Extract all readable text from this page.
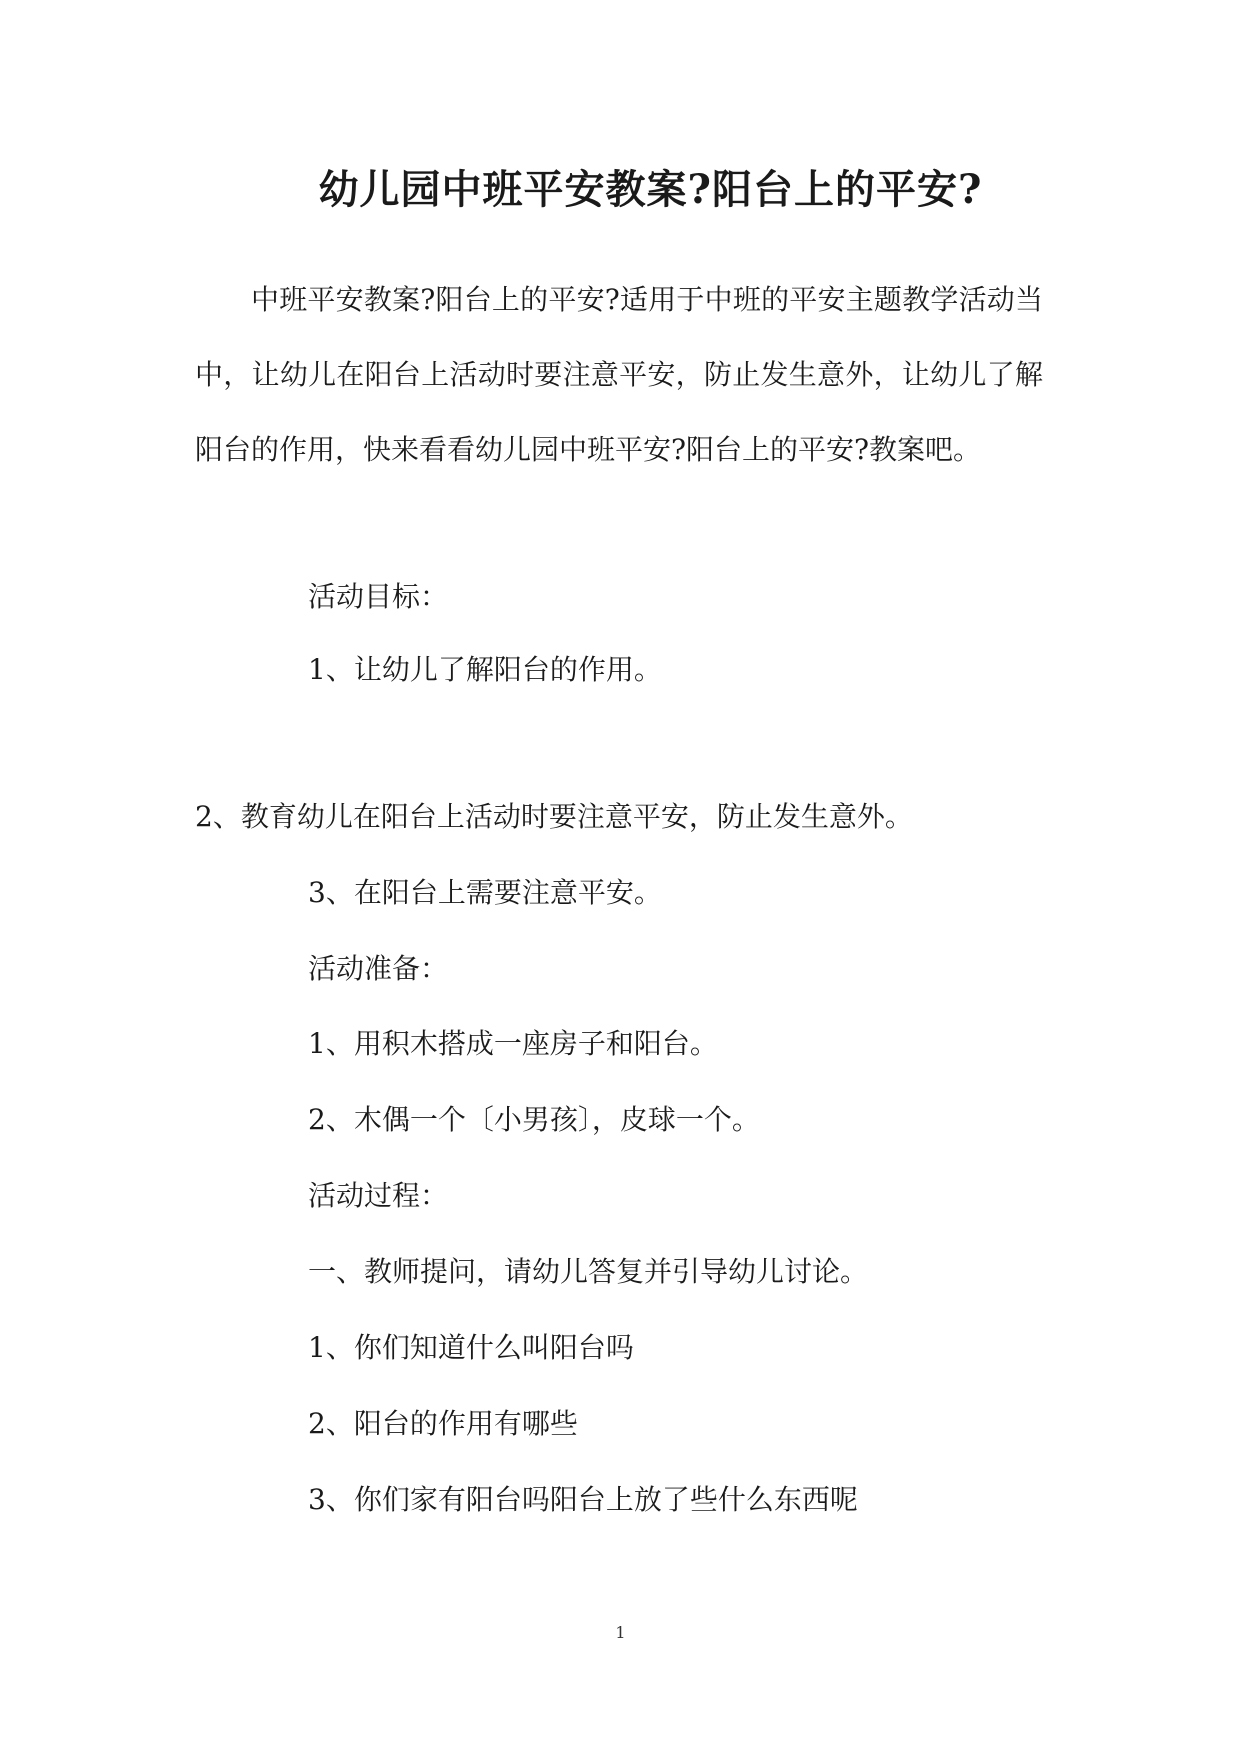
幼儿园中班平安教案?阳台上的平安?
中班平安教案?阳台上的平安?适用于中班的平安主题教学活动当中，让幼儿在阳台上活动时要注意平安，防止发生意外，让幼儿了解阳台的作用，快来看看幼儿园中班平安?阳台上的平安?教案吧。
活动目标：
1、让幼儿了解阳台的作用。
2、教育幼儿在阳台上活动时要注意平安，防止发生意外。
3、在阳台上需要注意平安。
活动准备：
1、用积木搭成一座房子和阳台。
2、木偶一个〔小男孩〕，皮球一个。
活动过程：
一、教师提问，请幼儿答复并引导幼儿讨论。
1、你们知道什么叫阳台吗
2、阳台的作用有哪些
3、你们家有阳台吗阳台上放了些什么东西呢
1
